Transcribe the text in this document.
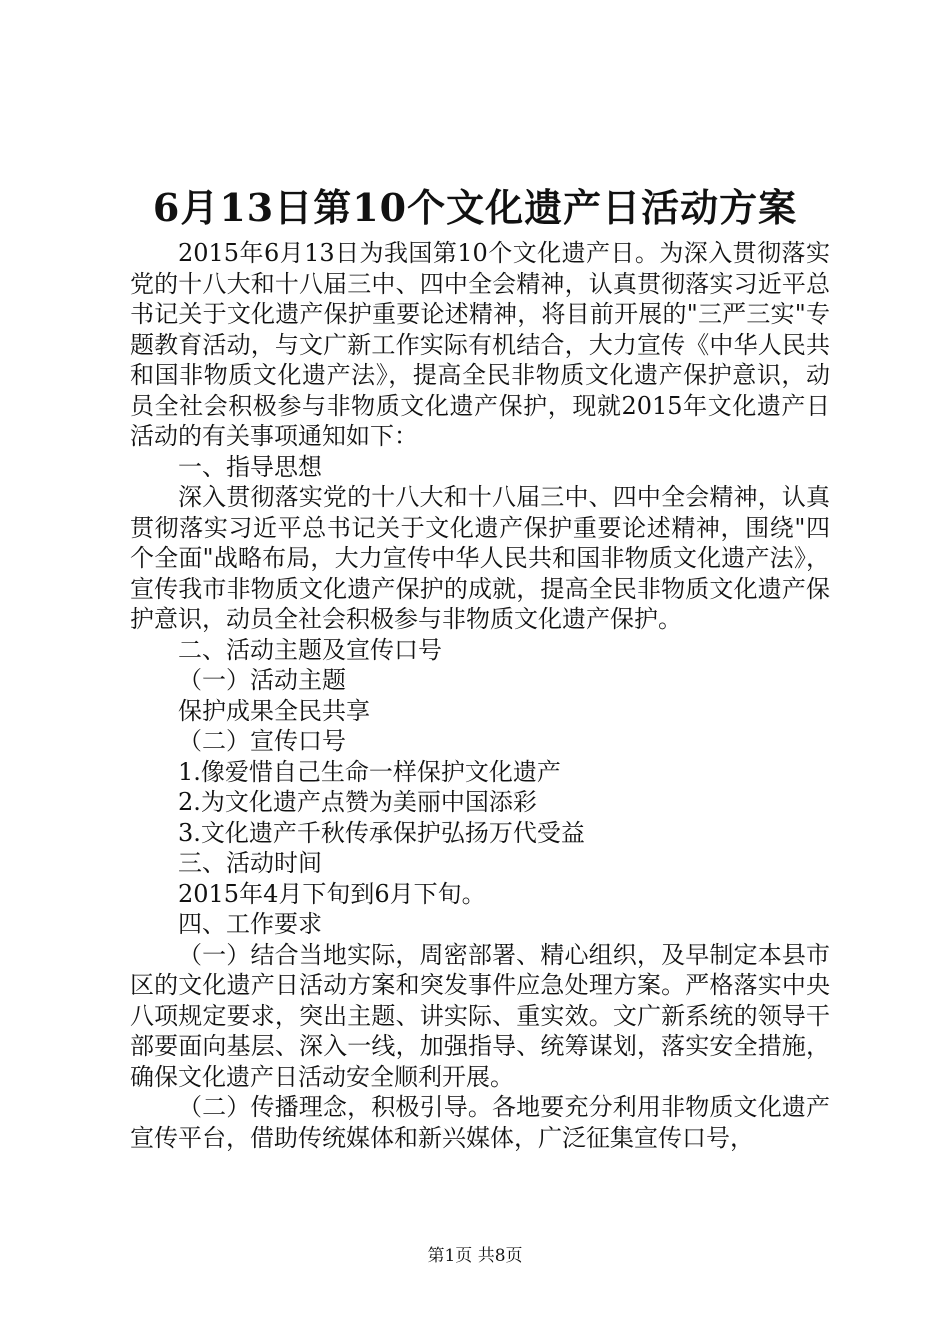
6月13日第10个文化遗产日活动方案

2015年6月13日为我国第10个文化遗产日。为深入贯彻落实党的十八大和十八届三中、四中全会精神，认真贯彻落实习近平总书记关于文化遗产保护重要论述精神，将目前开展的"三严三实"专题教育活动，与文广新工作实际有机结合，大力宣传《中华人民共和国非物质文化遗产法》，提高全民非物质文化遗产保护意识，动员全社会积极参与非物质文化遗产保护，现就2015年文化遗产日活动的有关事项通知如下：

一、指导思想

深入贯彻落实党的十八大和十八届三中、四中全会精神，认真贯彻落实习近平总书记关于文化遗产保护重要论述精神，围绕"四个全面"战略布局，大力宣传中华人民共和国非物质文化遗产法》，宣传我市非物质文化遗产保护的成就，提高全民非物质文化遗产保护意识，动员全社会积极参与非物质文化遗产保护。

二、活动主题及宣传口号

（一）活动主题

保护成果全民共享

（二）宣传口号

1.像爱惜自己生命一样保护文化遗产

2.为文化遗产点赞为美丽中国添彩

3.文化遗产千秋传承保护弘扬万代受益

三、活动时间

2015年4月下旬到6月下旬。

四、工作要求

（一）结合当地实际，周密部署、精心组织，及早制定本县市区的文化遗产日活动方案和突发事件应急处理方案。严格落实中央八项规定要求，突出主题、讲实际、重实效。文广新系统的领导干部要面向基层、深入一线，加强指导、统筹谋划，落实安全措施，确保文化遗产日活动安全顺利开展。

（二）传播理念，积极引导。各地要充分利用非物质文化遗产宣传平台，借助传统媒体和新兴媒体，广泛征集宣传口号，

第1页 共8页
